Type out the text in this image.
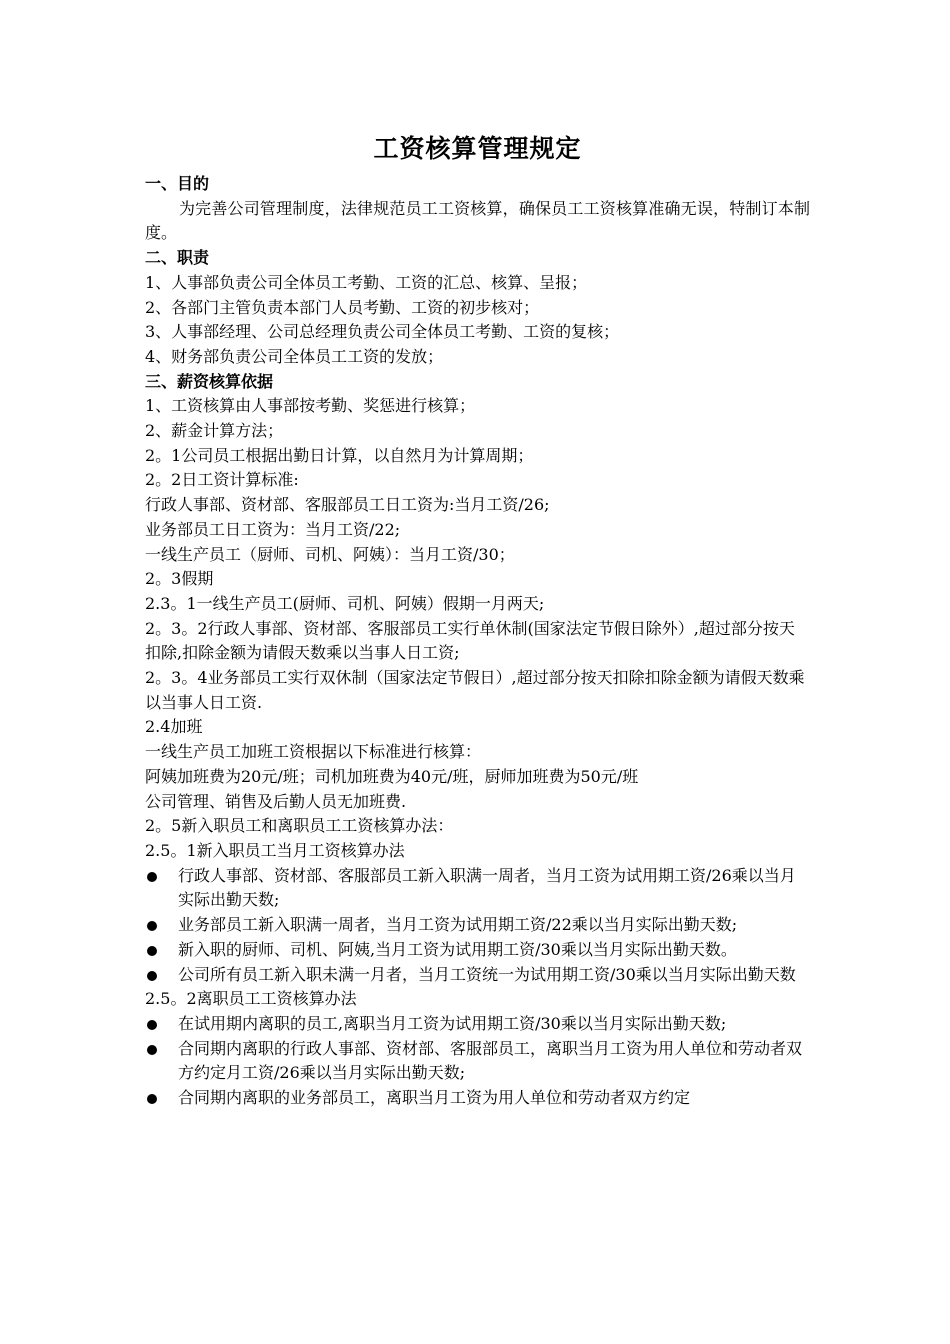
工资核算管理规定
一、目的
为完善公司管理制度，法律规范员工工资核算，确保员工工资核算准确无误，特制订本制度。
二、职责
1、人事部负责公司全体员工考勤、工资的汇总、核算、呈报；
2、各部门主管负责本部门人员考勤、工资的初步核对；
3、人事部经理、公司总经理负责公司全体员工考勤、工资的复核；
4、财务部负责公司全体员工工资的发放；
三、薪资核算依据
1、工资核算由人事部按考勤、奖惩进行核算；
2、薪金计算方法；
2。1公司员工根据出勤日计算，以自然月为计算周期；
2。2日工资计算标准:
行政人事部、资材部、客服部员工日工资为:当月工资/26;
业务部员工日工资为：当月工资/22;
一线生产员工（厨师、司机、阿姨）：当月工资/30；
2。3假期
2.3。1一线生产员工(厨师、司机、阿姨）假期一月两天;
2。3。2行政人事部、资材部、客服部员工实行单休制(国家法定节假日除外）,超过部分按天扣除,扣除金额为请假天数乘以当事人日工资;
2。3。4业务部员工实行双休制（国家法定节假日）,超过部分按天扣除扣除金额为请假天数乘以当事人日工资.
2.4加班
一线生产员工加班工资根据以下标准进行核算：
阿姨加班费为20元/班；司机加班费为40元/班，厨师加班费为50元/班
公司管理、销售及后勤人员无加班费.
2。5新入职员工和离职员工工资核算办法：
2.5。1新入职员工当月工资核算办法
行政人事部、资材部、客服部员工新入职满一周者，当月工资为试用期工资/26乘以当月实际出勤天数;
业务部员工新入职满一周者，当月工资为试用期工资/22乘以当月实际出勤天数;
新入职的厨师、司机、阿姨,当月工资为试用期工资/30乘以当月实际出勤天数。
公司所有员工新入职未满一月者，当月工资统一为试用期工资/30乘以当月实际出勤天数
2.5。2离职员工工资核算办法
在试用期内离职的员工,离职当月工资为试用期工资/30乘以当月实际出勤天数;
合同期内离职的行政人事部、资材部、客服部员工，离职当月工资为用人单位和劳动者双方约定月工资/26乘以当月实际出勤天数;
合同期内离职的业务部员工，离职当月工资为用人单位和劳动者双方约定
